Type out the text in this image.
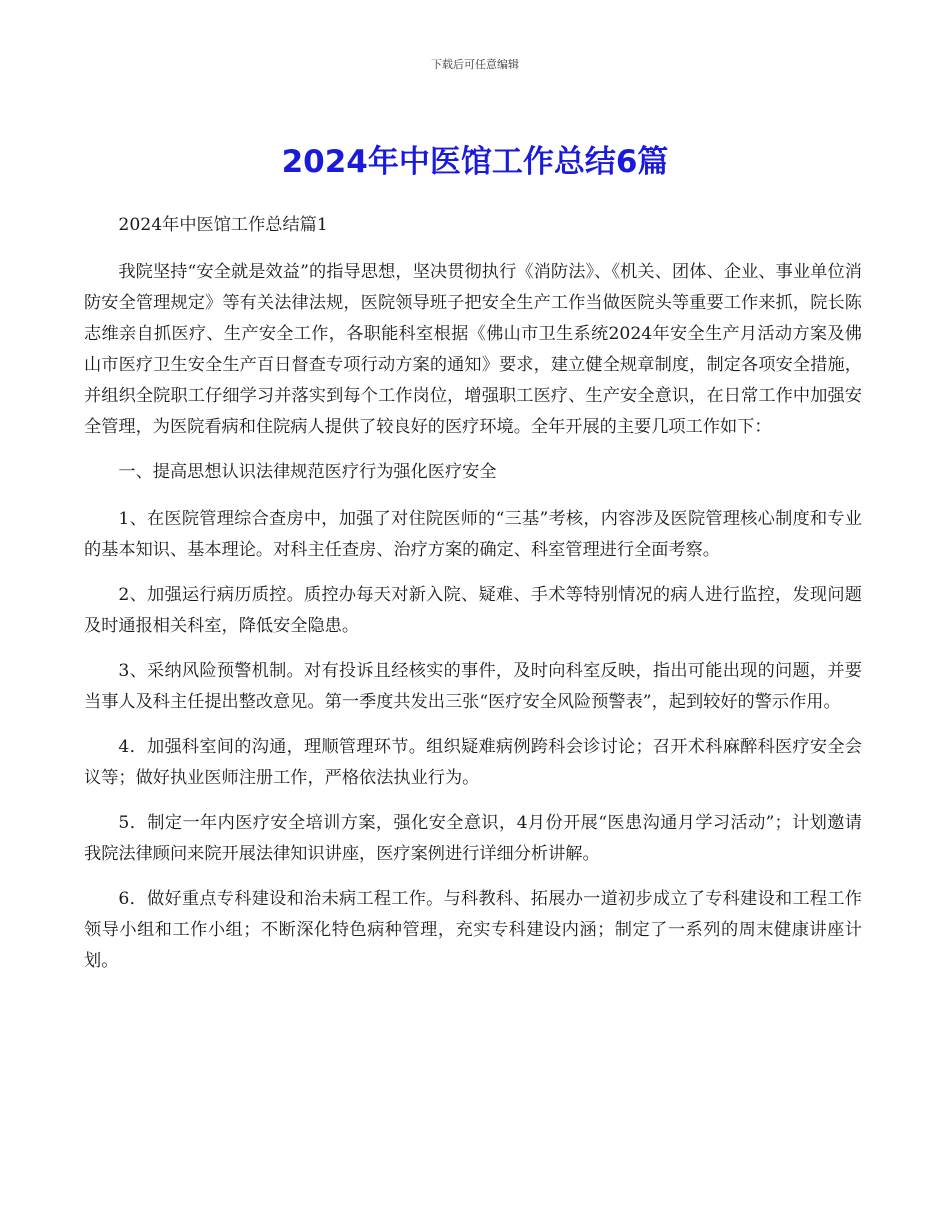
下载后可任意编辑
2024年中医馆工作总结6篇

2024年中医馆工作总结篇1

我院坚持“安全就是效益”的指导思想，坚决贯彻执行《消防法》、《机关、团体、企业、事业单位消防安全管理规定》等有关法律法规，医院领导班子把安全生产工作当做医院头等重要工作来抓，院长陈志维亲自抓医疗、生产安全工作，各职能科室根据《佛山市卫生系统2024年安全生产月活动方案及佛山市医疗卫生安全生产百日督查专项行动方案的通知》要求，建立健全规章制度，制定各项安全措施，并组织全院职工仔细学习并落实到每个工作岗位，增强职工医疗、生产安全意识，在日常工作中加强安全管理，为医院看病和住院病人提供了较良好的医疗环境。全年开展的主要几项工作如下：

一、提高思想认识法律规范医疗行为强化医疗安全

1、在医院管理综合查房中，加强了对住院医师的“三基”考核，内容涉及医院管理核心制度和专业的基本知识、基本理论。对科主任查房、治疗方案的确定、科室管理进行全面考察。

2、加强运行病历质控。质控办每天对新入院、疑难、手术等特别情况的病人进行监控，发现问题及时通报相关科室，降低安全隐患。

3、采纳风险预警机制。对有投诉且经核实的事件，及时向科室反映，指出可能出现的问题，并要当事人及科主任提出整改意见。第一季度共发出三张“医疗安全风险预警表”，起到较好的警示作用。

4．加强科室间的沟通，理顺管理环节。组织疑难病例跨科会诊讨论；召开术科麻醉科医疗安全会议等；做好执业医师注册工作，严格依法执业行为。

5．制定一年内医疗安全培训方案，强化安全意识，4月份开展“医患沟通月学习活动”；计划邀请我院法律顾问来院开展法律知识讲座，医疗案例进行详细分析讲解。

6．做好重点专科建设和治未病工程工作。与科教科、拓展办一道初步成立了专科建设和工程工作领导小组和工作小组；不断深化特色病种管理，充实专科建设内涵；制定了一系列的周末健康讲座计划。
